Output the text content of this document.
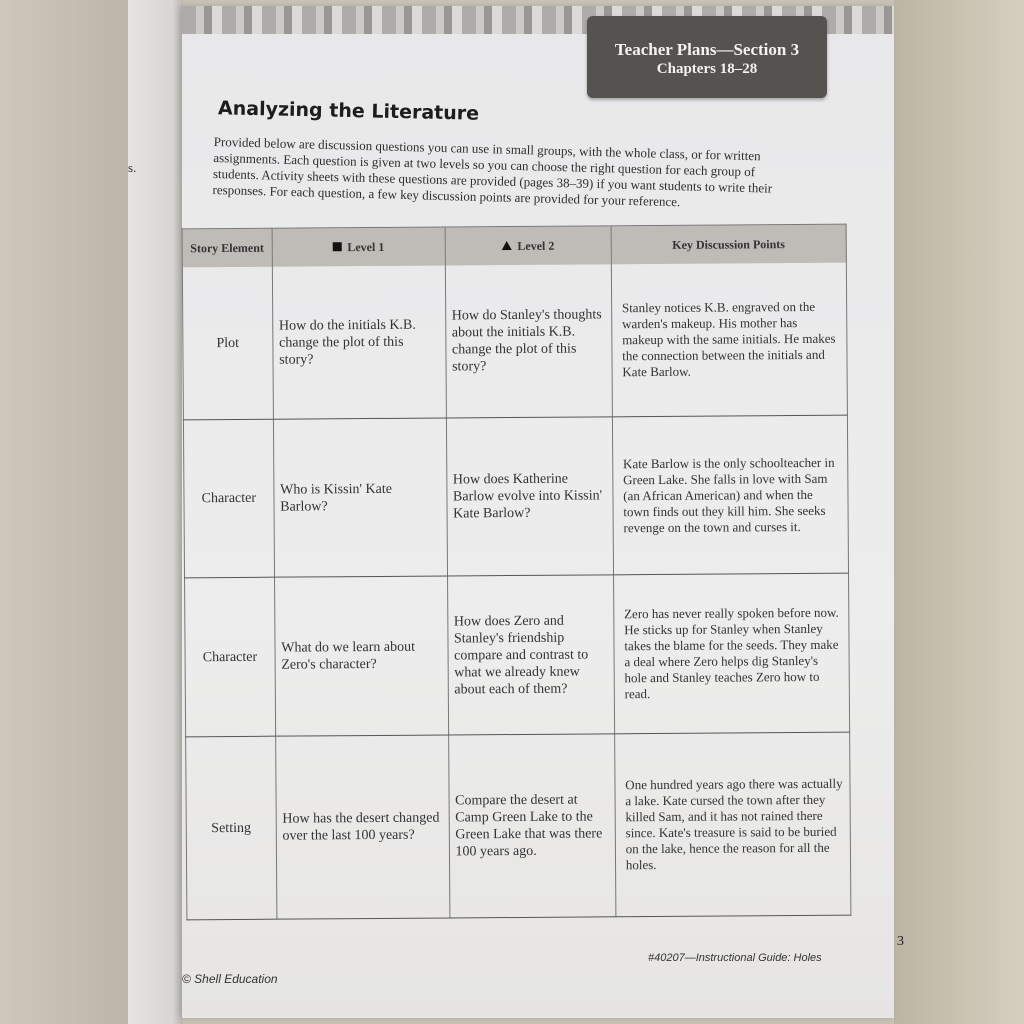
s.
Teacher Plans—Section 3
Chapters 18–28
Analyzing the Literature

Provided below are discussion questions you can use in small groups, with the whole class, or for written assignments. Each question is given at two levels so you can choose the right question for each group of students. Activity sheets with these questions are provided (pages 38–39) if you want students to write their responses. For each question, a few key discussion points are provided for your reference.

Story Element	Level 1	Level 2	Key Discussion Points
Plot	How do the initials K.B. change the plot of this story?	How do Stanley's thoughts about the initials K.B. change the plot of this story?	Stanley notices K.B. engraved on the warden's makeup. His mother has makeup with the same initials. He makes the connection between the initials and Kate Barlow.
Character	Who is Kissin' Kate Barlow?	How does Katherine Barlow evolve into Kissin' Kate Barlow?	Kate Barlow is the only schoolteacher in Green Lake. She falls in love with Sam (an African American) and when the town finds out they kill him. She seeks revenge on the town and curses it.
Character	What do we learn about Zero's character?	How does Zero and Stanley's friendship compare and contrast to what we already knew about each of them?	Zero has never really spoken before now. He sticks up for Stanley when Stanley takes the blame for the seeds. They make a deal where Zero helps dig Stanley's hole and Stanley teaches Zero how to read.
Setting	How has the desert changed over the last 100 years?	Compare the desert at Camp Green Lake to the Green Lake that was there 100 years ago.	One hundred years ago there was actually a lake. Kate cursed the town after they killed Sam, and it has not rained there since. Kate's treasure is said to be buried on the lake, hence the reason for all the holes.
© Shell Education
#40207—Instructional Guide: Holes
3
